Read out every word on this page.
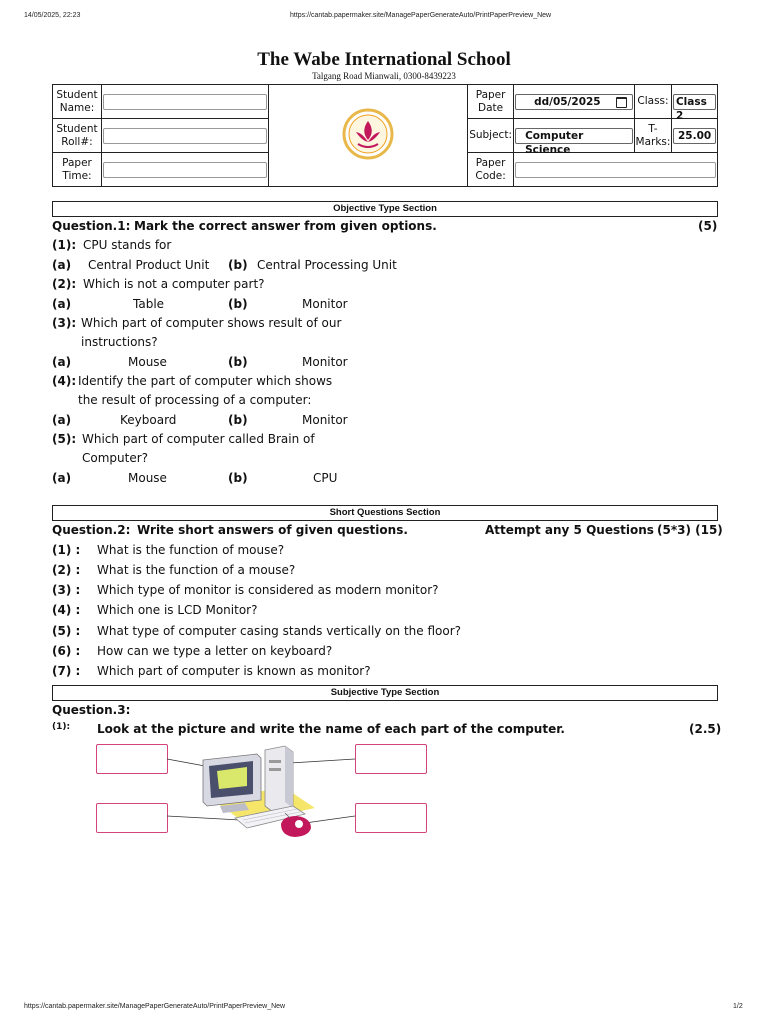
14/05/2025, 22:23	https://cantab.papermaker.site/ManagePaperGenerateAuto/PrintPaperPreview_New
https://cantab.papermaker.site/ManagePaperGenerateAuto/PrintPaperPreview_New	1/2
The Wabe International School
Talgang Road Mianwali, 0300-8439223
Student Name:			Paper Date	dd/05/2025	Class:	Class 2

Student Roll#:			Subject:	Computer Science	T-Marks:	25.00

Paper Time:			Paper Code:			
Objective Type Section
Question.1: Mark the correct answer from given options.	(5)
(1): CPU stands for
(a) Central Product Unit (b) Central Processing Unit
(2): Which is not a computer part?
(a)	Table	(b)	Monitor
(3): Which part of computer shows result of our
instructions?
(a)	Mouse	(b)	Monitor
(4): Identify the part of computer which shows
the result of processing of a computer:
(a)	Keyboard	(b)	Monitor
(5): Which part of computer called Brain of
Computer?
(a)	Mouse	(b)	CPU
Short Questions Section
Question.2: Write short answers of given questions.	Attempt any 5 Questions (5*3) (15)
(1) : What is the function of mouse?
(2) : What is the function of a mouse?
(3) : Which type of monitor is considered as modern monitor?
(4) : Which one is LCD Monitor?
(5) : What type of computer casing stands vertically on the floor?
(6) : How can we type a letter on keyboard?
(7) : Which part of computer is known as monitor?
Subjective Type Section
Question.3:
(1): Look at the picture and write the name of each part of the computer.	(2.5)
